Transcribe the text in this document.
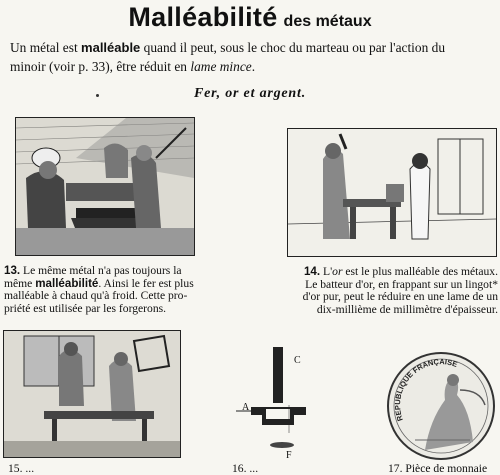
Malléabilité des métaux
Un métal est malléable quand il peut, sous le choc du marteau ou par l'action du
minoir (voir p. 33), être réduit en lame mince.
Fer, or et argent.
13. Le même métal n'a pas toujours la
même malléabilité. Ainsi le fer est plus
malléable à chaud qu'à froid. Cette pro-
priété est utilisée par les forgerons.
14. L'or est le plus malléable des métaux.
Le batteur d'or, en frappant sur un lingot*
d'or pur, peut le réduire en une lame de un
dix-millième de millimètre d'épaisseur.
C
A
F
REPUBLIQUE FRANÇAISE
15. ...	16. ...	17. Pièce de monnaie
